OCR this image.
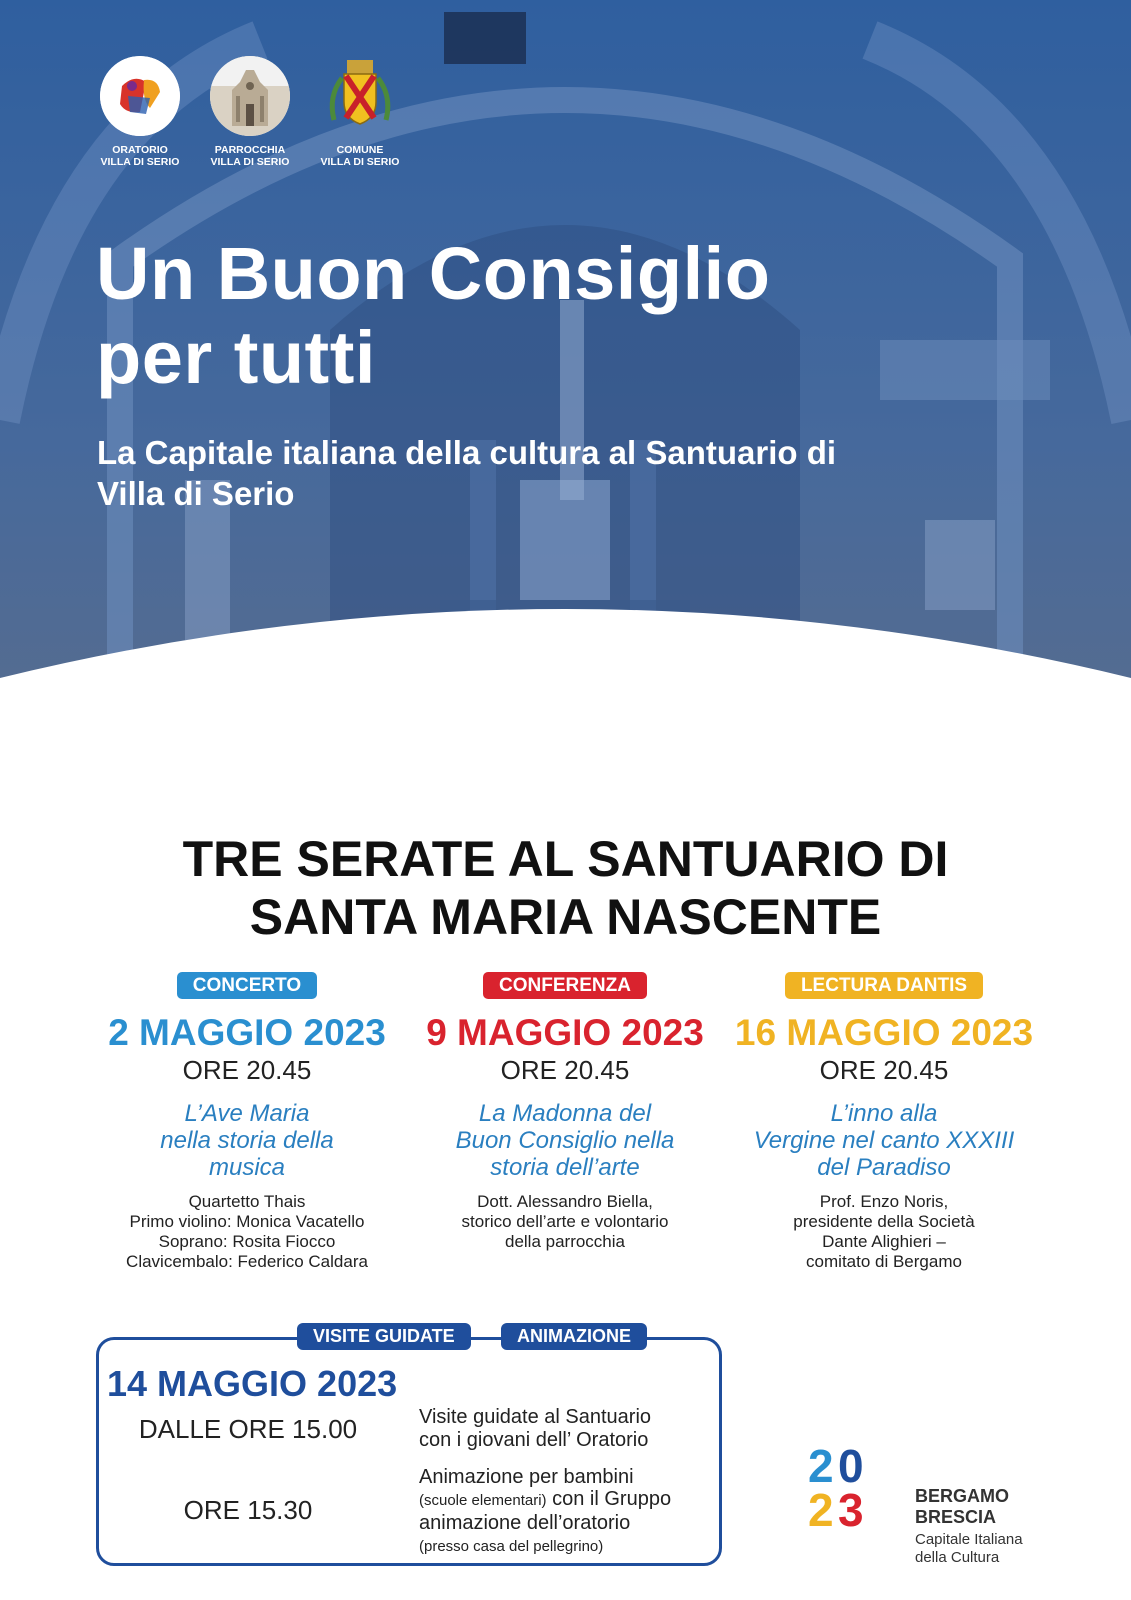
ORATORIO
VILLA DI SERIO
PARROCCHIA
VILLA DI SERIO
COMUNE
VILLA DI SERIO
Un Buon Consiglio
per tutti

La Capitale italiana della cultura al Santuario di Villa di Serio

TRE SERATE AL SANTUARIO DI
SANTA MARIA NASCENTE
CONCERTO
2 MAGGIO 2023
ORE 20.45
L’Ave Maria
nella storia della
musica
Quartetto Thais
Primo violino: Monica Vacatello
Soprano: Rosita Fiocco
Clavicembalo: Federico Caldara
CONFERENZA
9 MAGGIO 2023
ORE 20.45
La Madonna del
Buon Consiglio nella
storia dell’arte
Dott. Alessandro Biella,
storico dell’arte e volontario
della parrocchia
LECTURA DANTIS
16 MAGGIO 2023
ORE 20.45
L’inno alla
Vergine nel canto XXXIII
del Paradiso
Prof. Enzo Noris,
presidente della Società
Dante Alighieri –
comitato di Bergamo
VISITE GUIDATE	ANIMAZIONE
14 MAGGIO 2023
DALLE ORE 15.00
ORE 15.30
Visite guidate al Santuario
con i giovani dell’ Oratorio
Animazione per bambini
(scuole elementari) con il Gruppo
animazione dell’oratorio
(presso casa del pellegrino)
2 0
2 3	BERGAMO
BRESCIA
Capitale Italiana
della Cultura
